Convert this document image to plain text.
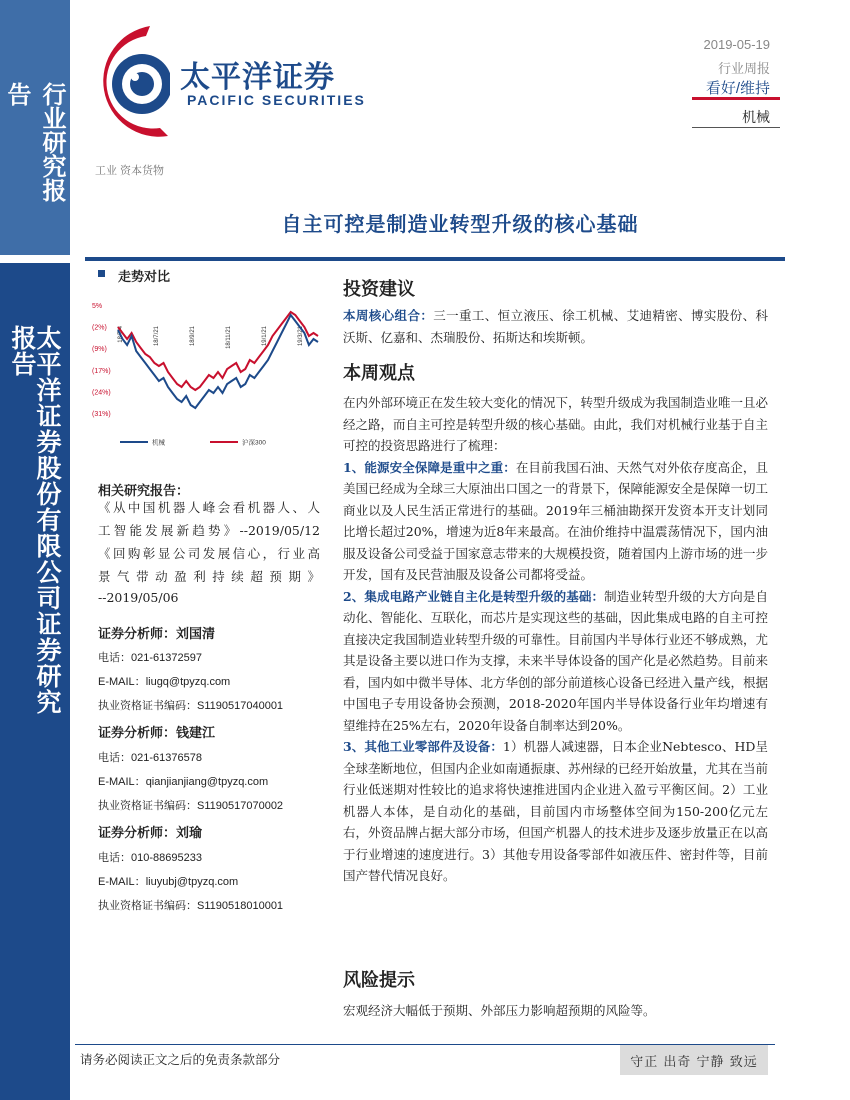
行业研究报告
太平洋证券股份有限公司证券研究报告
太平洋证券
PACIFIC SECURITIES
2019-05-19
行业周报
看好/维持
机械
工业 资本货物
自主可控是制造业转型升级的核心基础
走势对比
5%
(2%)
(9%)
(17%)
(24%)
(31%)
18/7/4	18/7/21	18/9/21	18/11/21	19/1/21	19/3/21
机械	沪深300
相关研究报告：
《从中国机器人峰会看机器人、人
工智能发展新趋势》--2019/05/12
《回购彰显公司发展信心，行业高
景 气 带 动 盈 利 持 续 超 预 期 》
--2019/05/06
证券分析师：刘国清
电话：021-61372597
E-MAIL：liugq@tpyzq.com
执业资格证书编码：S1190517040001
证券分析师：钱建江
电话：021-61376578
E-MAIL：qianjianjiang@tpyzq.com
执业资格证书编码：S1190517070002
证券分析师：刘瑜
电话：010-88695233
E-MAIL：liuyubj@tpyzq.com
执业资格证书编码：S1190518010001
投资建议
本周核心组合：三一重工、恒立液压、徐工机械、艾迪精密、博实股份、科沃斯、亿嘉和、杰瑞股份、拓斯达和埃斯顿。
本周观点
在内外部环境正在发生较大变化的情况下，转型升级成为我国制造业唯一且必经之路，而自主可控是转型升级的核心基础。由此，我们对机械行业基于自主可控的投资思路进行了梳理：
1、能源安全保障是重中之重：在目前我国石油、天然气对外依存度高企，且美国已经成为全球三大原油出口国之一的背景下，保障能源安全是保障一切工商业以及人民生活正常进行的基础。2019年三桶油勘探开发资本开支计划同比增长超过20%，增速为近8年来最高。在油价维持中温震荡情况下，国内油服及设备公司受益于国家意志带来的大规模投资，随着国内上游市场的进一步开发，国有及民营油服及设备公司都将受益。
2、集成电路产业链自主化是转型升级的基础：制造业转型升级的大方向是自动化、智能化、互联化，而芯片是实现这些的基础，因此集成电路的自主可控直接决定我国制造业转型升级的可靠性。目前国内半导体行业还不够成熟，尤其是设备主要以进口作为支撑，未来半导体设备的国产化是必然趋势。目前来看，国内如中微半导体、北方华创的部分前道核心设备已经进入量产线，根据中国电子专用设备协会预测，2018-2020年国内半导体设备行业年均增速有望维持在25%左右，2020年设备自制率达到20%。
3、其他工业零部件及设备：1）机器人减速器，日本企业Nebtesco、HD呈全球垄断地位，但国内企业如南通振康、苏州绿的已经开始放量，尤其在当前行业低迷期对性较比的追求将快速推进国内企业进入盈亏平衡区间。2）工业机器人本体，是自动化的基础，目前国内市场整体空间为150-200亿元左右，外资品牌占据大部分市场，但国产机器人的技术进步及逐步放量正在以高于行业增速的速度进行。3）其他专用设备零部件如液压件、密封件等，目前国产替代情况良好。
风险提示
宏观经济大幅低于预期、外部压力影响超预期的风险等。
请务必阅读正文之后的免责条款部分	守正 出奇 宁静 致远
